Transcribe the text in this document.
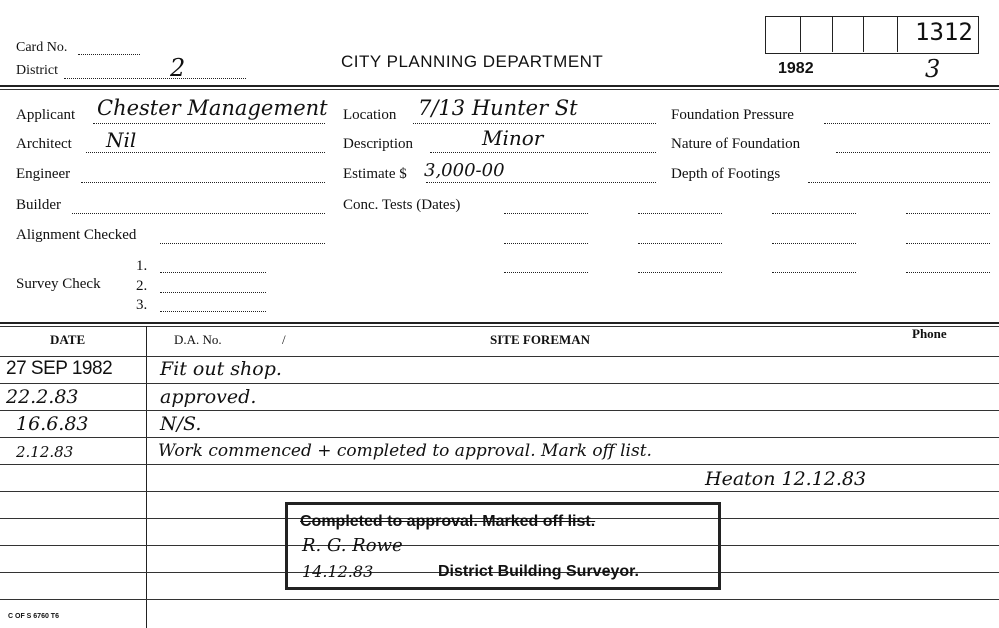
Card No.
District	2	CITY PLANNING DEPARTMENT	1982	3
1312
Applicant Chester Management
Architect Nil
Engineer
Builder
Alignment Checked
Survey Check
1.
2.
3.
Location 7/13 Hunter St
Description	Minor
Estimate $ 3,000-00
Conc. Tests (Dates)
Foundation Pressure
Nature of Foundation
Depth of Footings
DATE	D.A. No.	/	SITE FOREMAN	Phone
27 SEP 1982	Fit out shop.
22.2.83	approved.
16.6.83	N/S.
2.12.83	Work commenced + completed to approval. Mark off list.
Heaton 12.12.83
Completed to approval. Marked off list.
R. G. Rowe
14.12.83	District Building Surveyor.
C OF S 6760 T6
